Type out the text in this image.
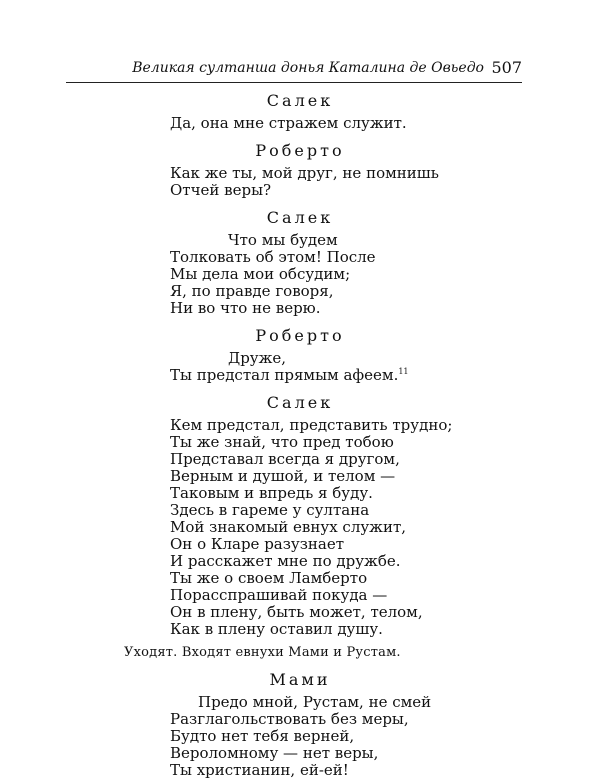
Великая султанша донья Каталина де Овьедо 507
Салек
Да, она мне стражем служит.
Роберто
Как же ты, мой друг, не помнишь
Отчей веры?
Салек
Что мы будем
Толковать об этом! После
Мы дела мои обсудим;
Я, по правде говоря,
Ни во что не верю.
Роберто
Друже,
Ты предстал прямым афеем.$^{11}$
Салек
Кем предстал, представить трудно;
Ты же знай, что пред тобою
Представал всегда я другом,
Верным и душой, и телом —
Таковым и впредь я буду.
Здесь в гареме у султана
Мой знакомый евнух служит,
Он о Кларе разузнает
И расскажет мне по дружбе.
Ты же о своем Ламберто
Порасспрашивай покуда —
Он в плену, быть может, телом,
Как в плену оставил душу.
Уходят. Входят евнухи Мами и Рустам.
Мами
Предо мной, Рустам, не смей
Разглагольствовать без меры,
Будто нет тебя верней,
Вероломному — нет веры,
Ты христианин, ей-ей!
